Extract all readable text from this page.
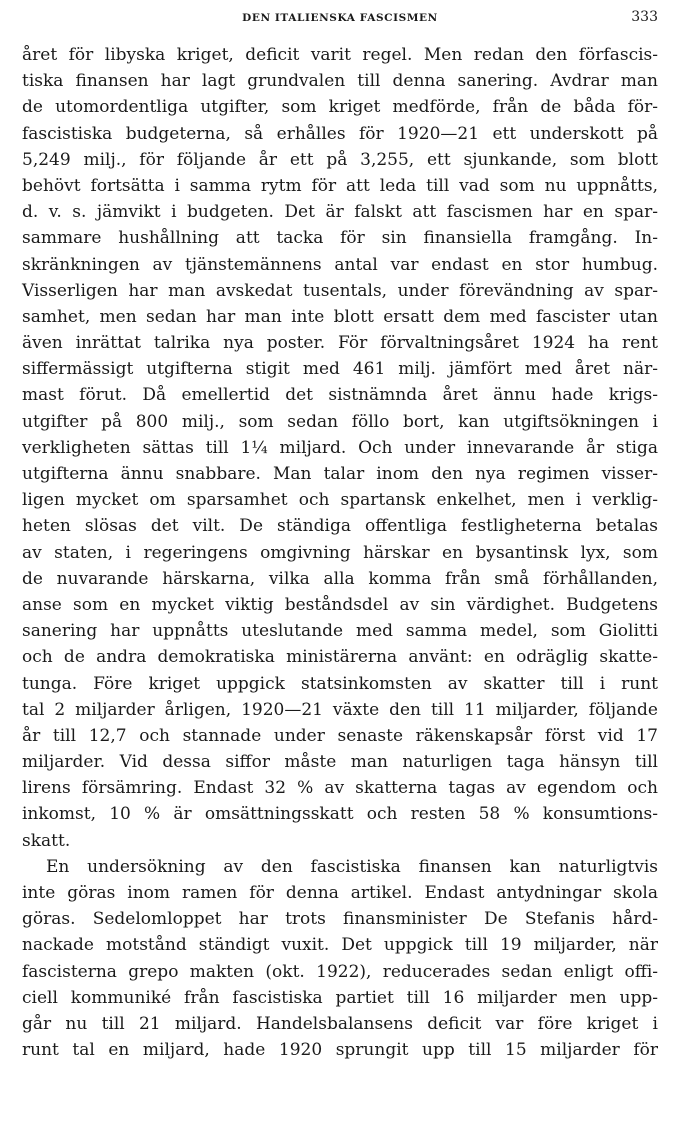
DEN ITALIENSKA FASCISMEN	333
året för libyska kriget, deficit varit regel. Men redan den förfascis-
tiska finansen har lagt grundvalen till denna sanering. Avdrar man
de utomordentliga utgifter, som kriget medförde, från de båda för-
fascistiska budgeterna, så erhålles för 1920—21 ett underskott på
5,249 milj., för följande år ett på 3,255, ett sjunkande, som blott
behövt fortsätta i samma rytm för att leda till vad som nu uppnåtts,
d. v. s. jämvikt i budgeten. Det är falskt att fascismen har en spar-
sammare hushållning att tacka för sin finansiella framgång. In-
skränkningen av tjänstemännens antal var endast en stor humbug.
Visserligen har man avskedat tusentals, under förevändning av spar-
samhet, men sedan har man inte blott ersatt dem med fascister utan
även inrättat talrika nya poster. För förvaltningsåret 1924 ha rent
siffermässigt utgifterna stigit med 461 milj. jämfört med året när-
mast förut. Då emellertid det sistnämnda året ännu hade krigs-
utgifter på 800 milj., som sedan föllo bort, kan utgiftsökningen i
verkligheten sättas till 1¼ miljard. Och under innevarande år stiga
utgifterna ännu snabbare. Man talar inom den nya regimen visser-
ligen mycket om sparsamhet och spartansk enkelhet, men i verklig-
heten slösas det vilt. De ständiga offentliga festligheterna betalas
av staten, i regeringens omgivning härskar en bysantinsk lyx, som
de nuvarande härskarna, vilka alla komma från små förhållanden,
anse som en mycket viktig beståndsdel av sin värdighet. Budgetens
sanering har uppnåtts uteslutande med samma medel, som Giolitti
och de andra demokratiska ministärerna använt: en odräglig skatte-
tunga. Före kriget uppgick statsinkomsten av skatter till i runt
tal 2 miljarder årligen, 1920—21 växte den till 11 miljarder, följande
år till 12,7 och stannade under senaste räkenskapsår först vid 17
miljarder. Vid dessa siffor måste man naturligen taga hänsyn till
lirens försämring. Endast 32 % av skatterna tagas av egendom och
inkomst, 10 % är omsättningsskatt och resten 58 % konsumtions-
skatt.
En undersökning av den fascistiska finansen kan naturligtvis
inte göras inom ramen för denna artikel. Endast antydningar skola
göras. Sedelomloppet har trots finansminister De Stefanis hård-
nackade motstånd ständigt vuxit. Det uppgick till 19 miljarder, när
fascisterna grepo makten (okt. 1922), reducerades sedan enligt offi-
ciell kommuniké från fascistiska partiet till 16 miljarder men upp-
går nu till 21 miljard. Handelsbalansens deficit var före kriget i
runt tal en miljard, hade 1920 sprungit upp till 15 miljarder för
